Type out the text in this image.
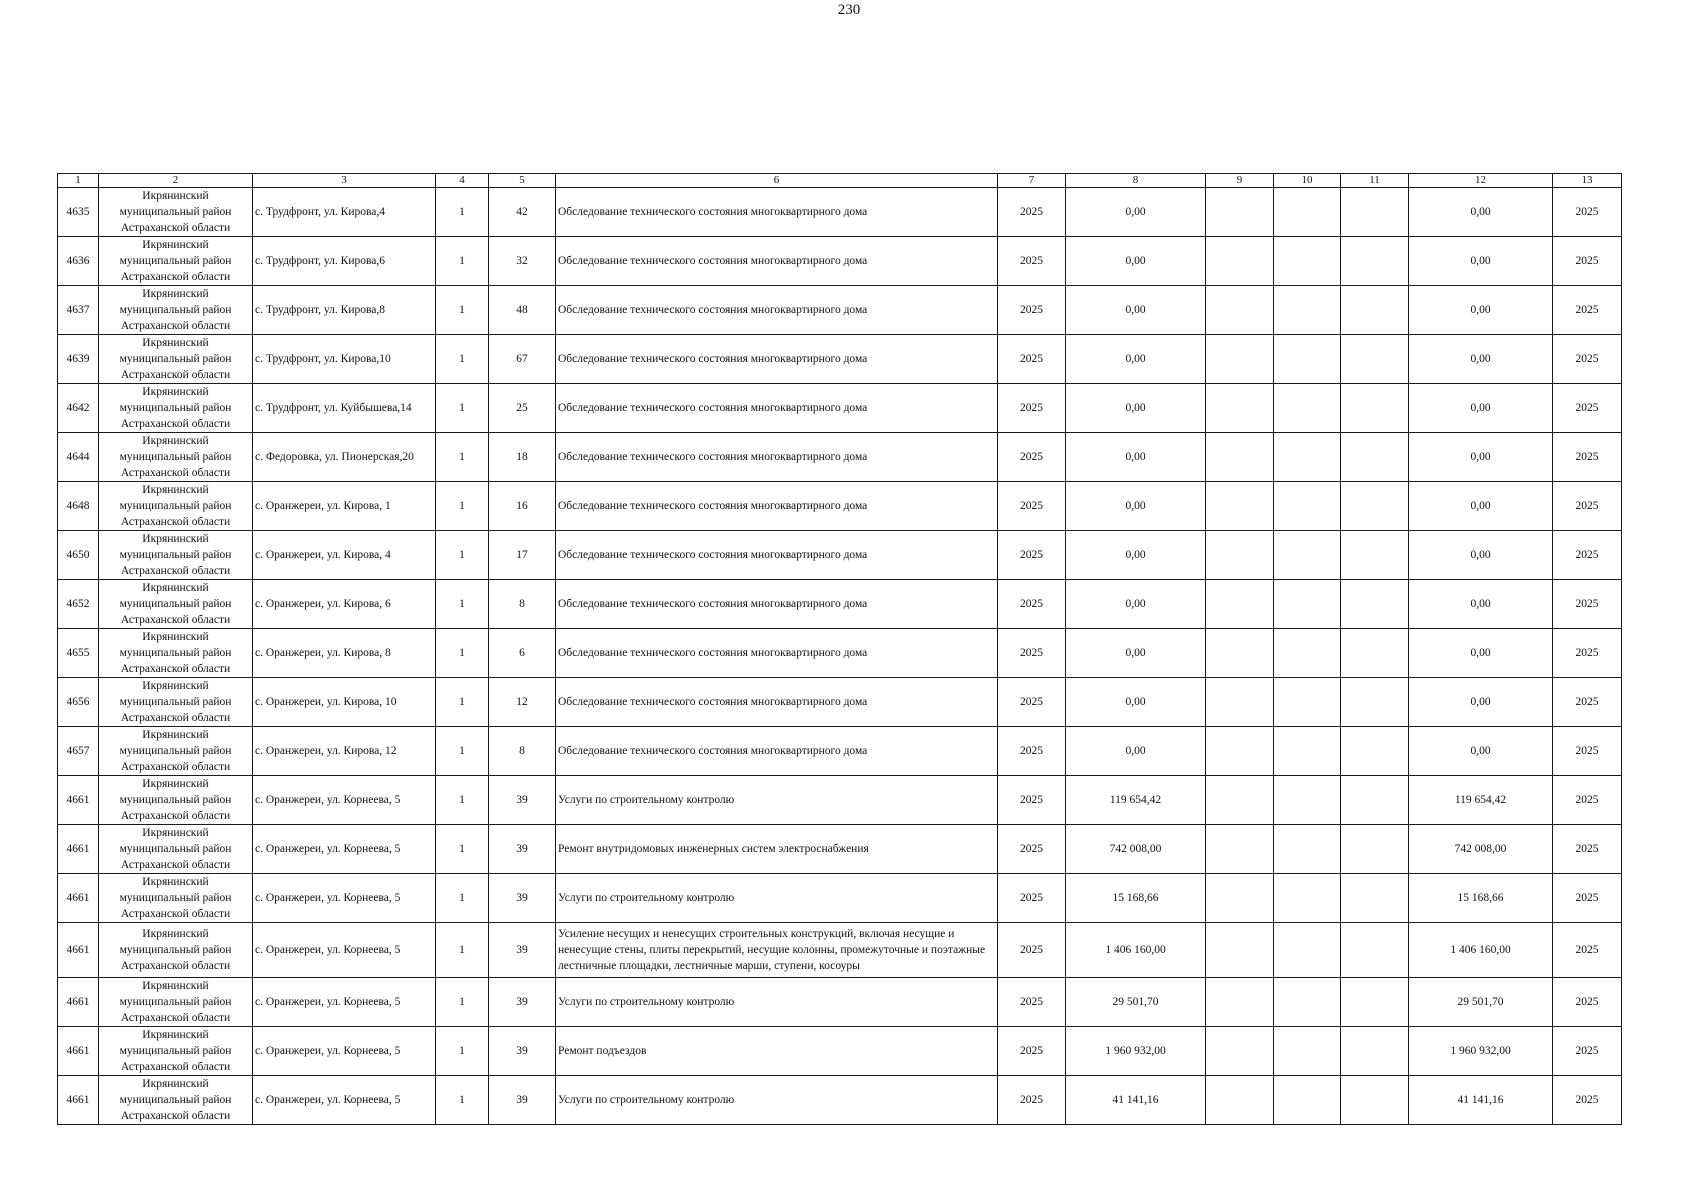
230
1	2	3	4	5	6	7	8	9	10	11	12	13
4635	Икрянинский муниципальный район Астраханской области	с. Трудфронт, ул. Кирова,4	1	42	Обследование технического состояния многоквартирного дома	2025	0,00				0,00	2025
4636	Икрянинский муниципальный район Астраханской области	с. Трудфронт, ул. Кирова,6	1	32	Обследование технического состояния многоквартирного дома	2025	0,00				0,00	2025
4637	Икрянинский муниципальный район Астраханской области	с. Трудфронт, ул. Кирова,8	1	48	Обследование технического состояния многоквартирного дома	2025	0,00				0,00	2025
4639	Икрянинский муниципальный район Астраханской области	с. Трудфронт, ул. Кирова,10	1	67	Обследование технического состояния многоквартирного дома	2025	0,00				0,00	2025
4642	Икрянинский муниципальный район Астраханской области	с. Трудфронт, ул. Куйбышева,14	1	25	Обследование технического состояния многоквартирного дома	2025	0,00				0,00	2025
4644	Икрянинский муниципальный район Астраханской области	с. Федоровка, ул. Пионерская,20	1	18	Обследование технического состояния многоквартирного дома	2025	0,00				0,00	2025
4648	Икрянинский муниципальный район Астраханской области	с. Оранжереи, ул. Кирова, 1	1	16	Обследование технического состояния многоквартирного дома	2025	0,00				0,00	2025
4650	Икрянинский муниципальный район Астраханской области	с. Оранжереи, ул. Кирова, 4	1	17	Обследование технического состояния многоквартирного дома	2025	0,00				0,00	2025
4652	Икрянинский муниципальный район Астраханской области	с. Оранжереи, ул. Кирова, 6	1	8	Обследование технического состояния многоквартирного дома	2025	0,00				0,00	2025
4655	Икрянинский муниципальный район Астраханской области	с. Оранжереи, ул. Кирова, 8	1	6	Обследование технического состояния многоквартирного дома	2025	0,00				0,00	2025
4656	Икрянинский муниципальный район Астраханской области	с. Оранжереи, ул. Кирова, 10	1	12	Обследование технического состояния многоквартирного дома	2025	0,00				0,00	2025
4657	Икрянинский муниципальный район Астраханской области	с. Оранжереи, ул. Кирова, 12	1	8	Обследование технического состояния многоквартирного дома	2025	0,00				0,00	2025
4661	Икрянинский муниципальный район Астраханской области	с. Оранжереи, ул. Корнеева, 5	1	39	Услуги по строительному контролю	2025	119 654,42				119 654,42	2025
4661	Икрянинский муниципальный район Астраханской области	с. Оранжереи, ул. Корнеева, 5	1	39	Ремонт внутридомовых инженерных систем электроснабжения	2025	742 008,00				742 008,00	2025
4661	Икрянинский муниципальный район Астраханской области	с. Оранжереи, ул. Корнеева, 5	1	39	Услуги по строительному контролю	2025	15 168,66				15 168,66	2025
4661	Икрянинский муниципальный район Астраханской области	с. Оранжереи, ул. Корнеева, 5	1	39	Усиление несущих и ненесущих строительных конструкций, включая несущие и ненесущие стены, плиты перекрытий, несущие колонны, промежуточные и поэтажные лестничные площадки, лестничные марши, ступени, косоуры	2025	1 406 160,00				1 406 160,00	2025
4661	Икрянинский муниципальный район Астраханской области	с. Оранжереи, ул. Корнеева, 5	1	39	Услуги по строительному контролю	2025	29 501,70				29 501,70	2025
4661	Икрянинский муниципальный район Астраханской области	с. Оранжереи, ул. Корнеева, 5	1	39	Ремонт подъездов	2025	1 960 932,00				1 960 932,00	2025
4661	Икрянинский муниципальный район Астраханской области	с. Оранжереи, ул. Корнеева, 5	1	39	Услуги по строительному контролю	2025	41 141,16				41 141,16	2025
